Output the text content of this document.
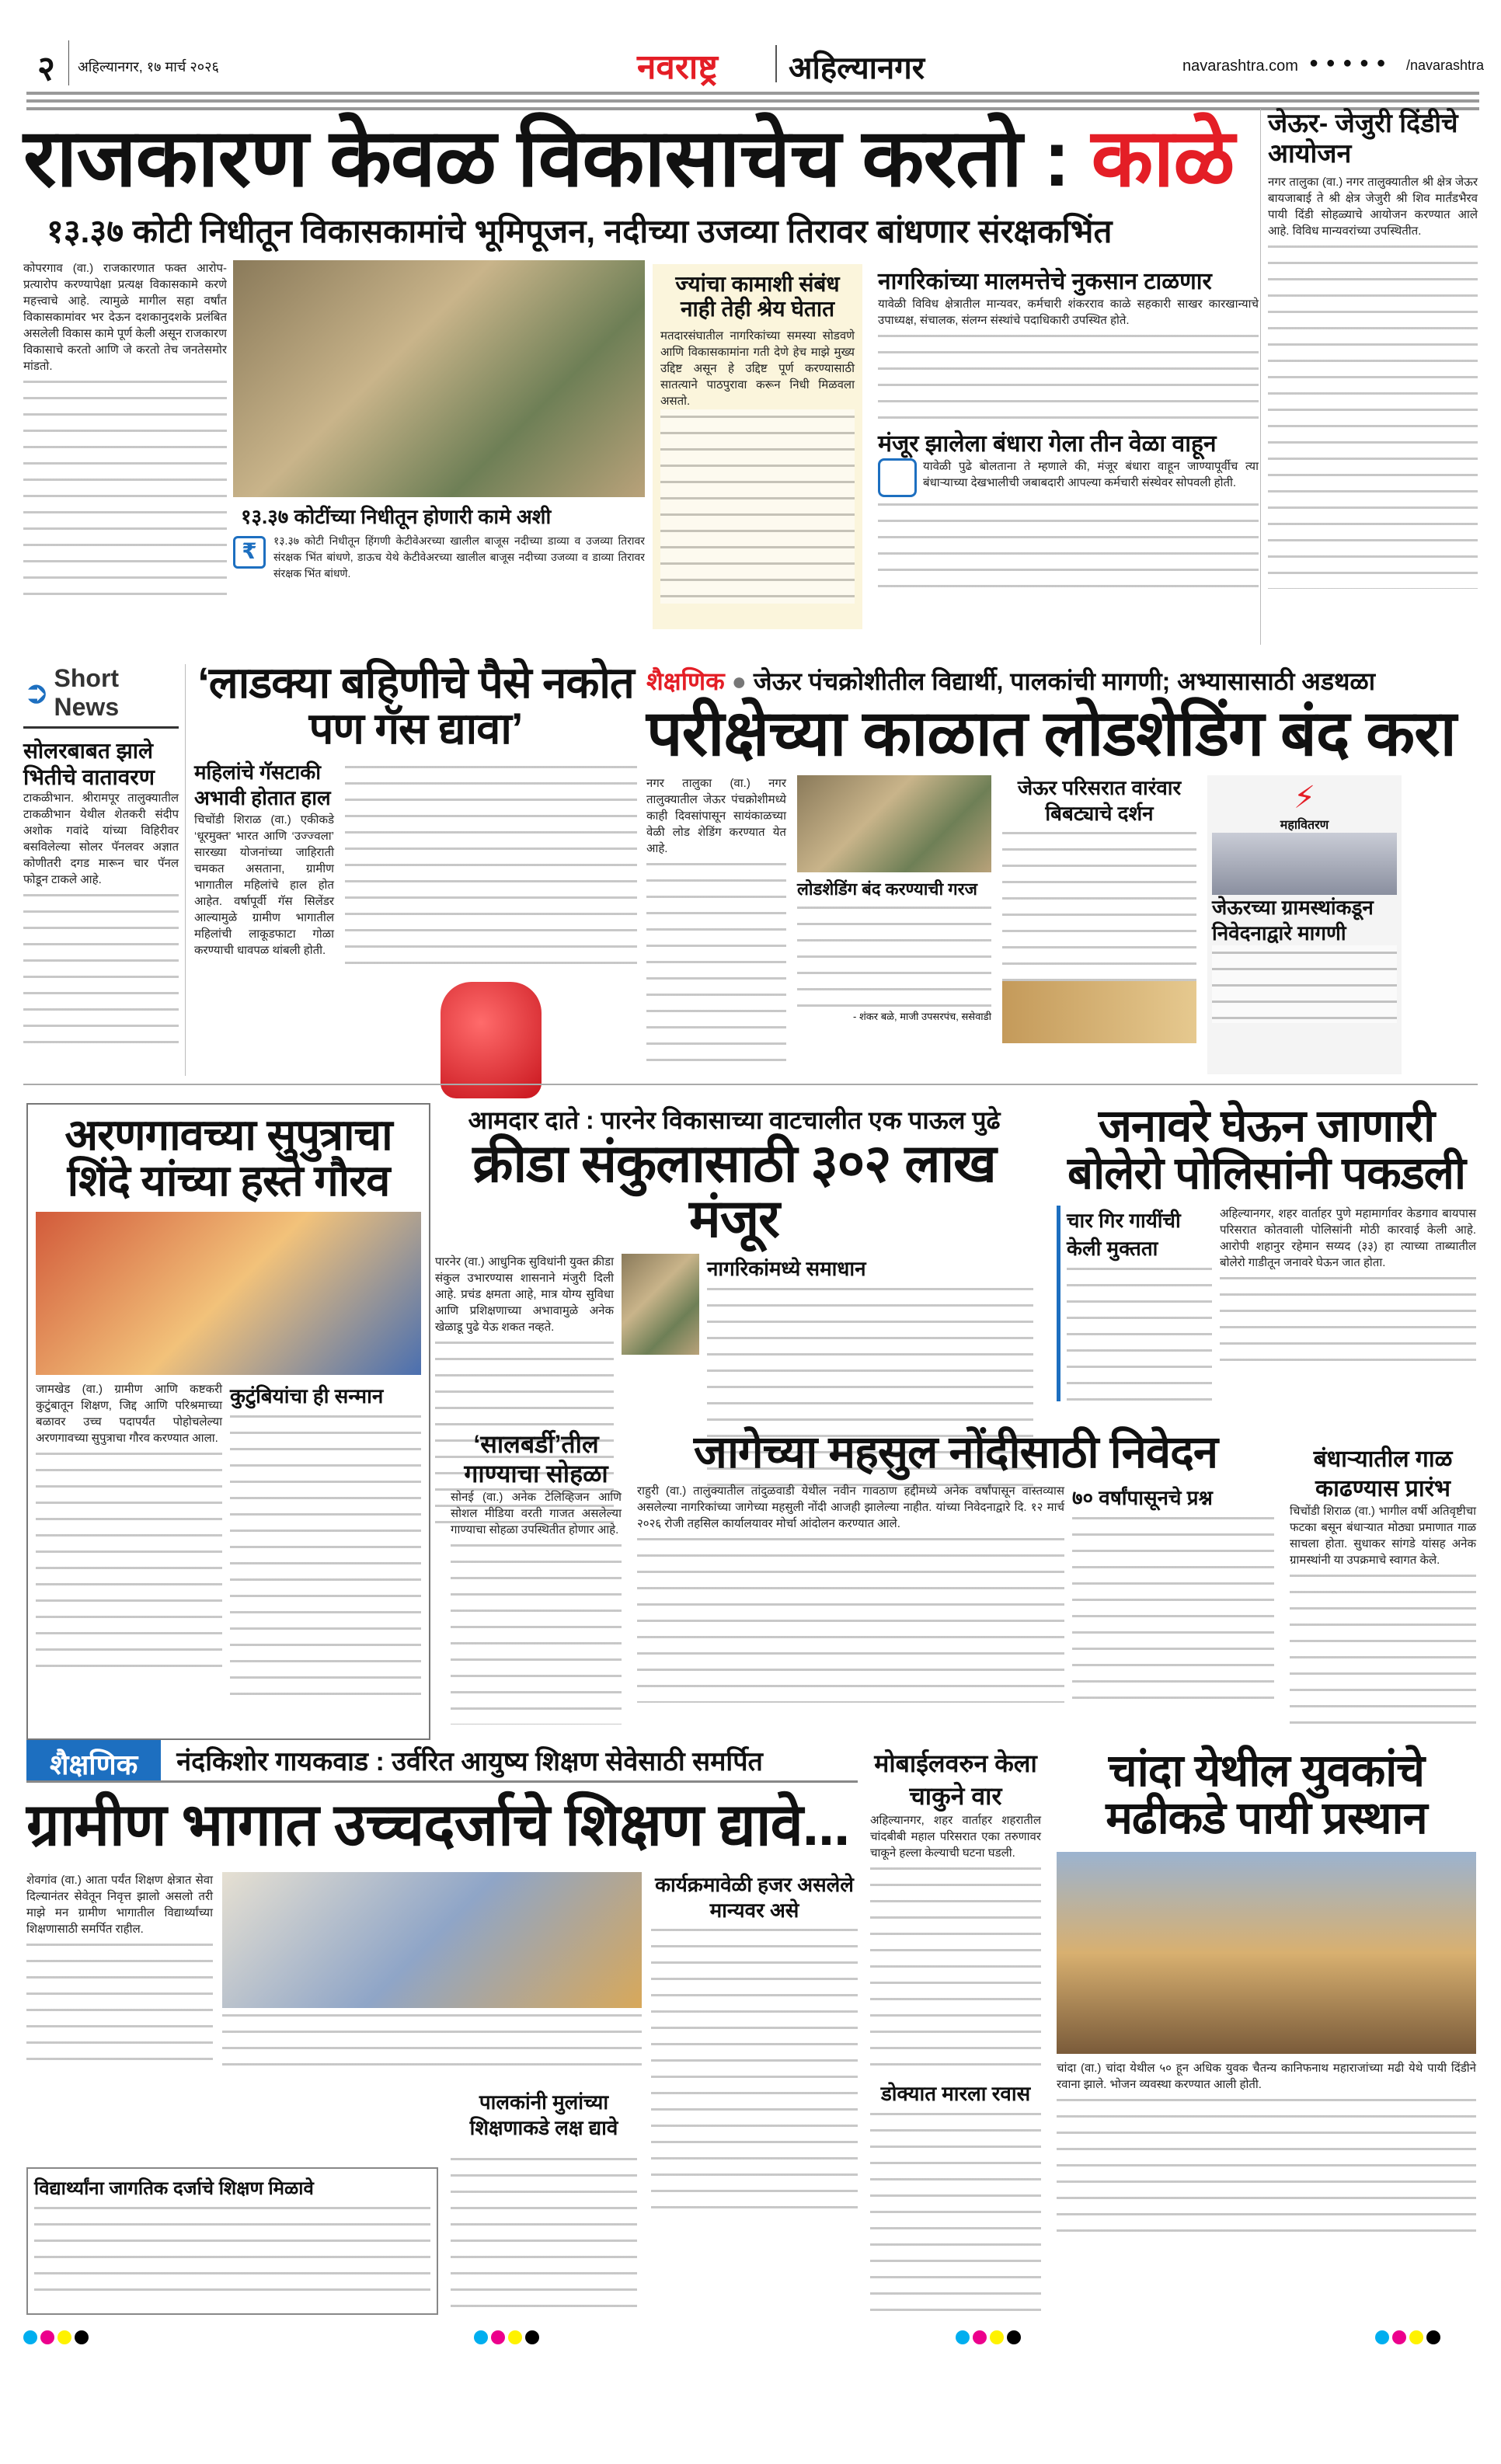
२ अहिल्यानगर, १७ मार्च २०२६	नवराष्ट्र अहिल्यानगर	navarashtra.com ● ● ● ● ● /navarashtra
राजकारण केवळ विकासाचेच करतो : काळे
१३.३७ कोटी निधीतून विकासकामांचे भूमिपूजन, नदीच्या उजव्या तिरावर बांधणार संरक्षकभिंत
कोपरगाव (वा.) राजकारणात फक्त आरोप-प्रत्यारोप करण्यापेक्षा प्रत्यक्ष विकासकामे करणे महत्त्वाचे आहे. त्यामुळे मागील सहा वर्षांत विकासकामांवर भर देऊन दशकानुदशके प्रलंबित असलेली विकास कामे पूर्ण केली असून राजकारण विकासाचे करतो आणि जे करतो तेच जनतेसमोर मांडतो.
१३.३७ कोटींच्या निधीतून होणारी कामे अशी
₹	१३.३७ कोटी निधीतून हिंगणी केटीवेअरच्या खालील बाजूस नदीच्या डाव्या व उजव्या तिरावर संरक्षक भिंत बांधणे, डाऊच येथे केटीवेअरच्या खालील बाजूस नदीच्या उजव्या व डाव्या तिरावर संरक्षक भिंत बांधणे.
ज्यांचा कामाशी संबंध नाही तेही श्रेय घेतात
मतदारसंघातील नागरिकांच्या समस्या सोडवणे आणि विकासकामांना गती देणे हेच माझे मुख्य उद्दिष्ट असून हे उद्दिष्ट पूर्ण करण्यासाठी सातत्याने पाठपुरावा करून निधी मिळवला असतो.
नागरिकांच्या मालमत्तेचे नुकसान टाळणार
यावेळी विविध क्षेत्रातील मान्यवर, कर्मचारी शंकरराव काळे सहकारी साखर कारखान्याचे उपाध्यक्ष, संचालक, संलग्न संस्थांचे पदाधिकारी उपस्थित होते.
मंजूर झालेला बंधारा गेला तीन वेळा वाहून
यावेळी पुढे बोलताना ते म्हणाले की, मंजूर बंधारा वाहून जाण्यापूर्वीच त्या बंधाऱ्याच्या देखभालीची जबाबदारी आपल्या कर्मचारी संस्थेवर सोपवली होती.
जेऊर- जेजुरी दिंडीचे आयोजन
नगर तालुका (वा.) नगर तालुक्यातील श्री क्षेत्र जेऊर बायजाबाई ते श्री क्षेत्र जेजुरी श्री शिव मार्तंडभैरव पायी दिंडी सोहळ्याचे आयोजन करण्यात आले आहे. विविध मान्यवरांच्या उपस्थितीत.
➲ Short News
सोलरबाबत झाले भितीचे वातावरण
टाकळीभान. श्रीरामपूर तालुक्यातील टाकळीभान येथील शेतकरी संदीप अशोक गवांदे यांच्या विहिरीवर बसविलेल्या सोलर पॅनलवर अज्ञात कोणीतरी दगड मारून चार पॅनल फोडून टाकले आहे.
‘लाडक्या बहिणीचे पैसे नकोत पण गॅस द्यावा’
महिलांचे गॅसटाकी अभावी होतात हाल
चिचोंडी शिराळ (वा.) एकीकडे ‘धूरमुक्त’ भारत आणि ‘उज्ज्वला’ सारख्या योजनांच्या जाहिराती चमकत असताना, ग्रामीण भागातील महिलांचे हाल होत आहेत. वर्षापूर्वी गॅस सिलेंडर आल्यामुळे ग्रामीण भागातील महिलांची लाकूडफाटा गोळा करण्याची धावपळ थांबली होती.
शैक्षणिक ● जेऊर पंचक्रोशीतील विद्यार्थी, पालकांची मागणी; अभ्यासासाठी अडथळा
परीक्षेच्या काळात लोडशेडिंग बंद करा
नगर तालुका (वा.) नगर तालुक्यातील जेऊर पंचक्रोशीमध्ये काही दिवसांपासून सायंकाळच्या वेळी लोड शेडिंग करण्यात येत आहे.
लोडशेडिंग बंद करण्याची गरज
- शंकर बळे, माजी उपसरपंच, ससेवाडी
जेऊर परिसरात वारंवार बिबट्याचे दर्शन	⚡
महावितरण
जेऊरच्या ग्रामस्थांकडून निवेदनाद्वारे मागणी
अरणगावच्या सुपुत्राचा शिंदे यांच्या हस्ते गौरव
जामखेड (वा.) ग्रामीण आणि कष्टकरी कुटुंबातून शिक्षण, जिद्द आणि परिश्रमाच्या बळावर उच्च पदापर्यंत पोहोचलेल्या अरणगावच्या सुपुत्राचा गौरव करण्यात आला.
कुटुंबियांचा ही सन्मान
आमदार दाते : पारनेर विकासाच्या वाटचालीत एक पाऊल पुढे
क्रीडा संकुलासाठी ३०२ लाख मंजूर
पारनेर (वा.) आधुनिक सुविधांनी युक्त क्रीडा संकुल उभारण्यास शासनाने मंजुरी दिली आहे. प्रचंड क्षमता आहे, मात्र योग्य सुविधा आणि प्रशिक्षणाच्या अभावामुळे अनेक खेळाडू पुढे येऊ शकत नव्हते.
नागरिकांमध्ये समाधान
जनावरे घेऊन जाणारी बोलेरो पोलिसांनी पकडली
चार गिर गायींची केली मुक्तता
अहिल्यानगर, शहर वार्ताहर पुणे महामार्गावर केडगाव बायपास परिसरात कोतवाली पोलिसांनी मोठी कारवाई केली आहे. आरोपी शहानुर रहेमान सय्यद (३३) हा त्याच्या ताब्यातील बोलेरो गाडीतून जनावरे घेऊन जात होता.
‘सालबर्डी’तील गाण्याचा सोहळा
सोनई (वा.) अनेक टेलिव्हिजन आणि सोशल मीडिया वरती गाजत असलेल्या गाण्याचा सोहळा उपस्थितीत होणार आहे.
जागेच्या महसुल नोंदीसाठी निवेदन
राहुरी (वा.) तालुक्यातील तांदुळवाडी येथील नवीन गावठाण हद्दीमध्ये अनेक वर्षांपासून वास्तव्यास असलेल्या नागरिकांच्या जागेच्या महसुली नोंदी आजही झालेल्या नाहीत. यांच्या निवेदनाद्वारे दि. १२ मार्च २०२६ रोजी तहसिल कार्यालयावर मोर्चा आंदोलन करण्यात आले.
७० वर्षांपासूनचे प्रश्न
बंधाऱ्यातील गाळ काढण्यास प्रारंभ
चिचोंडी शिराळ (वा.) भागील वर्षी अतिवृष्टीचा फटका बसून बंधाऱ्यात मोठ्या प्रमाणात गाळ साचला होता. सुधाकर सांगडे यांसह अनेक ग्रामस्थांनी या उपक्रमाचे स्वागत केले.
शैक्षणिक	नंदकिशोर गायकवाड : उर्वरित आयुष्य शिक्षण सेवेसाठी समर्पित
ग्रामीण भागात उच्चदर्जाचे शिक्षण द्यावे...
शेवगांव (वा.) आता पर्यंत शिक्षण क्षेत्रात सेवा दिल्यानंतर सेवेतून निवृत्त झालो असलो तरी माझे मन ग्रामीण भागातील विद्यार्थ्यांच्या शिक्षणासाठी समर्पित राहील.
कार्यक्रमावेळी हजर असलेले मान्यवर असे
पालकांनी मुलांच्या शिक्षणाकडे लक्ष द्यावे
विद्यार्थ्यांना जागतिक दर्जाचे शिक्षण मिळावे
मोबाईलवरुन केला चाकुने वार
अहिल्यानगर, शहर वार्ताहर शहरातील चांदबीबी महाल परिसरात एका तरुणावर चाकूने हल्ला केल्याची घटना घडली.
डोक्यात मारला रवास
चांदा येथील युवकांचे मढीकडे पायी प्रस्थान
चांदा (वा.) चांदा येथील ५० हून अधिक युवक चैतन्य कानिफनाथ महाराजांच्या मढी येथे पायी दिंडीने रवाना झाले. भोजन व्यवस्था करण्यात आली होती.
